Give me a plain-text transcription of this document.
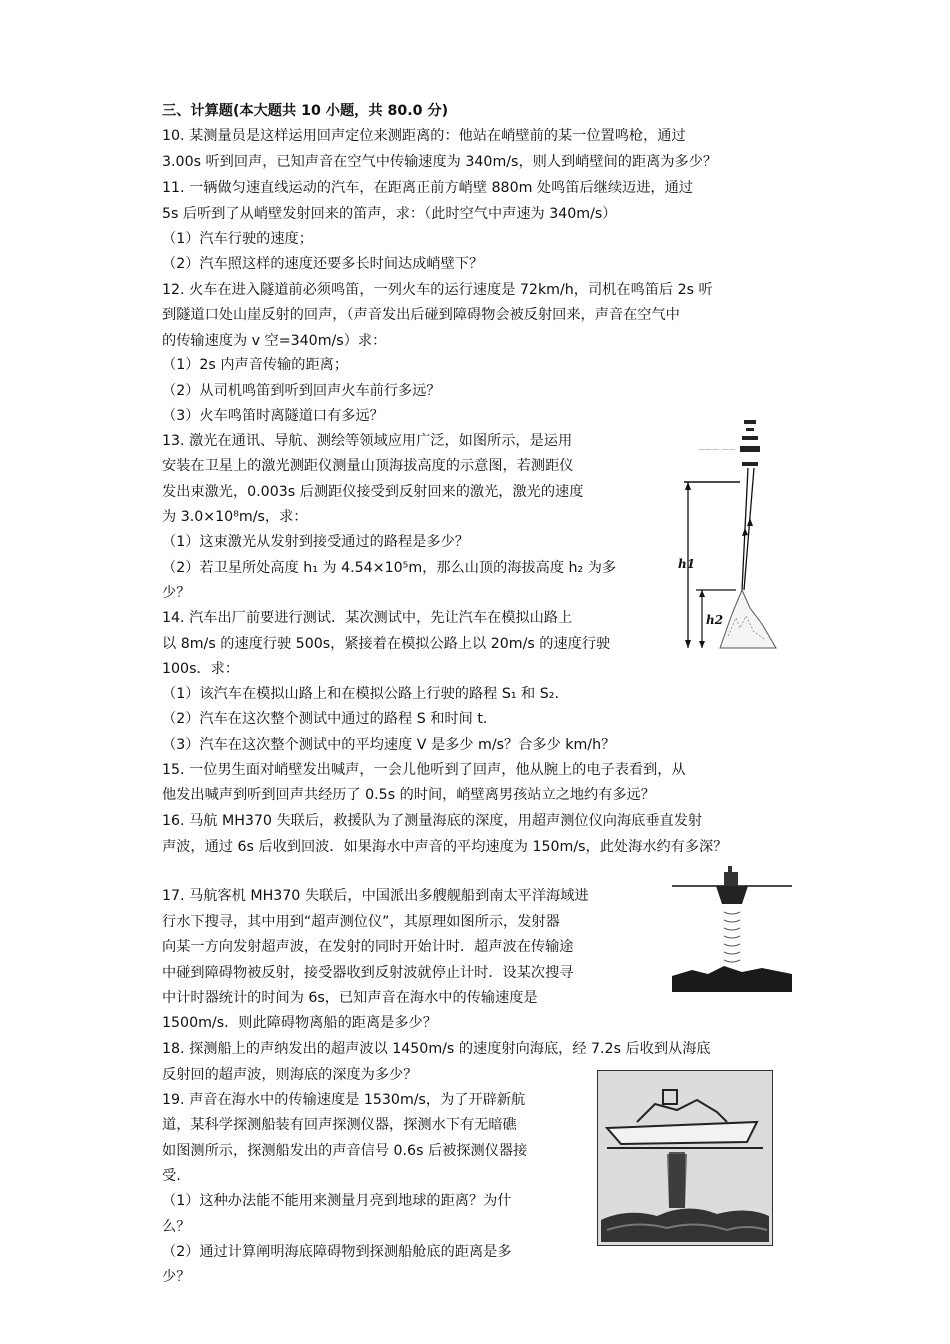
三、计算题(本大题共 10 小题，共 80.0 分)
10. 某测量员是这样运用回声定位来测距离的：他站在峭壁前的某一位置鸣枪，通过
3.00s 听到回声，已知声音在空气中传输速度为 340m/s，则人到峭壁间的距离为多少？
11. 一辆做匀速直线运动的汽车，在距离正前方峭壁 880m 处鸣笛后继续迈进，通过
5s 后听到了从峭壁发射回来的笛声，求：（此时空气中声速为 340m/s）
（1）汽车行驶的速度；
（2）汽车照这样的速度还要多长时间达成峭壁下？
12. 火车在进入隧道前必须鸣笛，一列火车的运行速度是 72km/h，司机在鸣笛后 2s 听
到隧道口处山崖反射的回声，（声音发出后碰到障碍物会被反射回来，声音在空气中
的传输速度为 v 空=340m/s）求：
（1）2s 内声音传输的距离；
（2）从司机鸣笛到听到回声火车前行多远？
（3）火车鸣笛时离隧道口有多远？
13. 激光在通讯、导航、测绘等领域应用广泛，如图所示，是运用
安装在卫星上的激光测距仪测量山顶海拔高度的示意图，若测距仪
发出束激光，0.003s 后测距仪接受到反射回来的激光，激光的速度
为 3.0×10⁸m/s，求：
（1）这束激光从发射到接受通过的路程是多少？
（2）若卫星所处高度 h₁ 为 4.54×10⁵m，那么山顶的海拔高度 h₂ 为多
少？
14. 汽车出厂前要进行测试．某次测试中，先让汽车在模拟山路上
以 8m/s 的速度行驶 500s，紧接着在模拟公路上以 20m/s 的速度行驶
100s．求：
（1）该汽车在模拟山路上和在模拟公路上行驶的路程 S₁ 和 S₂.
（2）汽车在这次整个测试中通过的路程 S 和时间 t.
（3）汽车在这次整个测试中的平均速度 V 是多少 m/s？合多少 km/h？
15. 一位男生面对峭壁发出喊声，一会儿他听到了回声，他从腕上的电子表看到，从
他发出喊声到听到回声共经历了 0.5s 的时间，峭壁离男孩站立之地约有多远？
16. 马航 MH370 失联后，救援队为了测量海底的深度，用超声测位仪向海底垂直发射
声波，通过 6s 后收到回波．如果海水中声音的平均速度为 150m/s，此处海水约有多深？
17. 马航客机 MH370 失联后，中国派出多艘舰船到南太平洋海域进
行水下搜寻，其中用到“超声测位仪”，其原理如图所示，发射器
向某一方向发射超声波，在发射的同时开始计时．超声波在传输途
中碰到障碍物被反射，接受器收到反射波就停止计时．设某次搜寻
中计时器统计的时间为 6s，已知声音在海水中的传输速度是
1500m/s．则此障碍物离船的距离是多少？
18. 探测船上的声纳发出的超声波以 1450m/s 的速度射向海底，经 7.2s 后收到从海底
反射回的超声波，则海底的深度为多少？
19. 声音在海水中的传输速度是 1530m/s，为了开辟新航
道，某科学探测船装有回声探测仪器，探测水下有无暗礁
如图测所示，探测船发出的声音信号 0.6s 后被探测仪器接
受.
（1）这种办法能不能用来测量月亮到地球的距离？为什
么？
（2）通过计算阐明海底障碍物到探测船舱底的距离是多
少？
——— ——
h1
h2
